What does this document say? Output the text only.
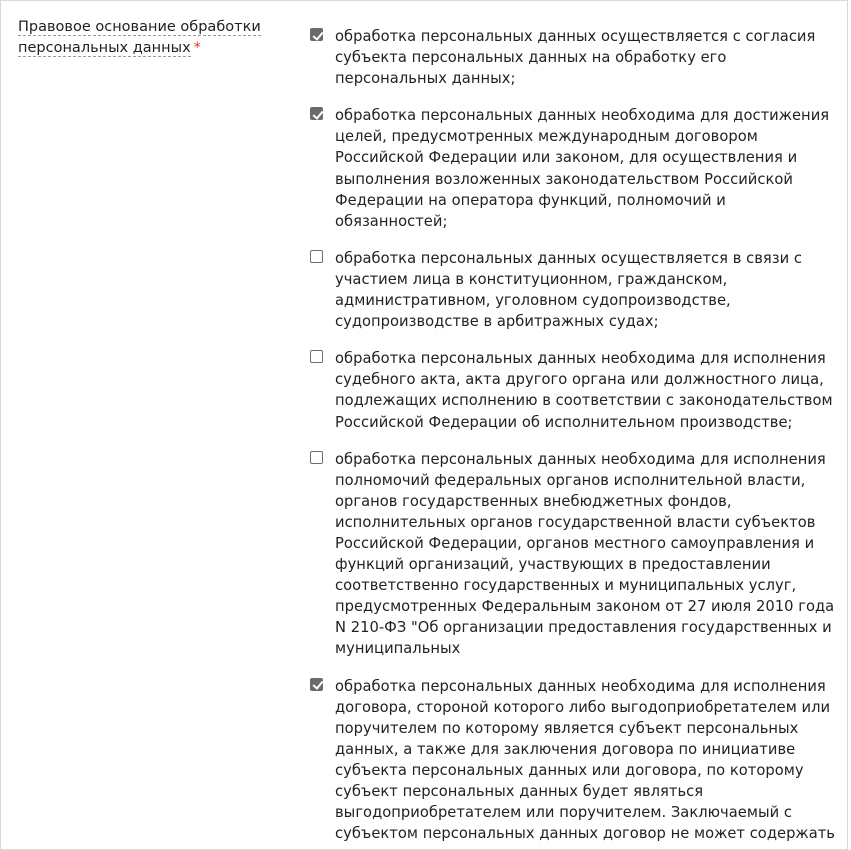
Правовое основание обработки персональных данных *
обработка персональных данных осуществляется с согласия субъекта персональных данных на обработку его персональных данных;
обработка персональных данных необходима для достижения целей, предусмотренных международным договором Российской Федерации или законом, для осуществления и выполнения возложенных законодательством Российской Федерации на оператора функций, полномочий и обязанностей;
обработка персональных данных осуществляется в связи с участием лица в конституционном, гражданском, административном, уголовном судопроизводстве, судопроизводстве в арбитражных судах;
обработка персональных данных необходима для исполнения судебного акта, акта другого органа или должностного лица, подлежащих исполнению в соответствии с законодательством Российской Федерации об исполнительном производстве;
обработка персональных данных необходима для исполнения полномочий федеральных органов исполнительной власти, органов государственных внебюджетных фондов, исполнительных органов государственной власти субъектов Российской Федерации, органов местного самоуправления и функций организаций, участвующих в предоставлении соответственно государственных и муниципальных услуг, предусмотренных Федеральным законом от 27 июля 2010 года N 210-ФЗ "Об организации предоставления государственных и муниципальных
обработка персональных данных необходима для исполнения договора, стороной которого либо выгодоприобретателем или поручителем по которому является субъект персональных данных, а также для заключения договора по инициативе субъекта персональных данных или договора, по которому субъект персональных данных будет являться выгодоприобретателем или поручителем. Заключаемый с субъектом персональных данных договор не может содержать
